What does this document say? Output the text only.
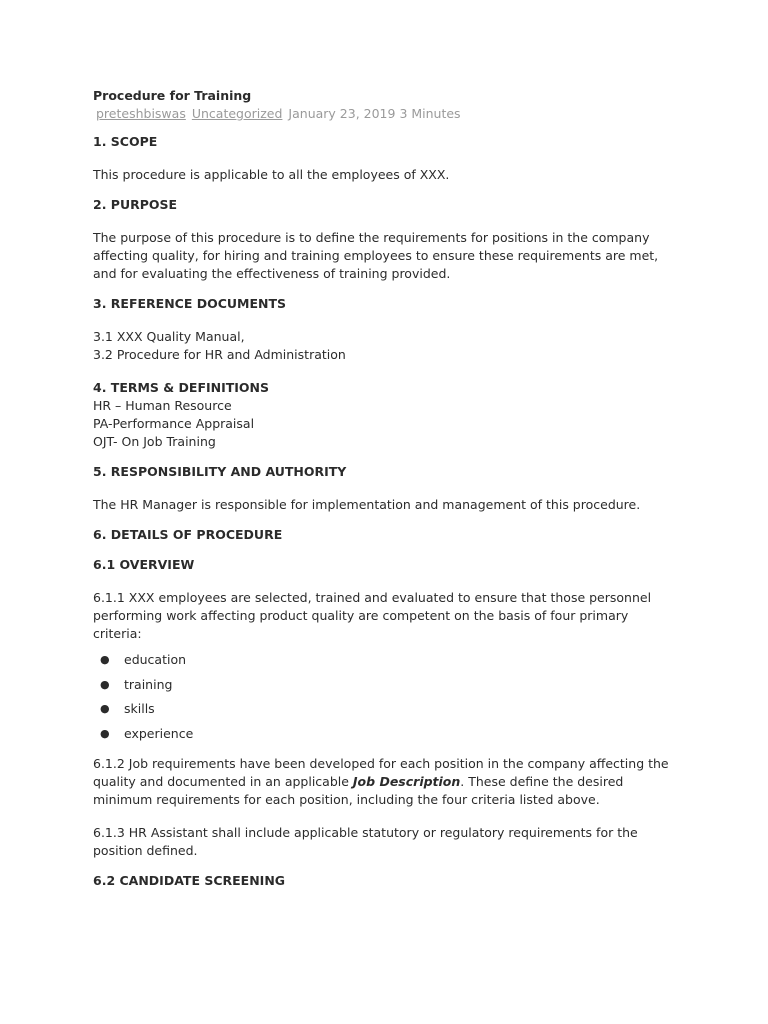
Procedure for Training

preteshbiswas Uncategorized January 23, 2019 3 Minutes

1. SCOPE

This procedure is applicable to all the employees of XXX.

2. PURPOSE

The purpose of this procedure is to define the requirements for positions in the company

affecting quality, for hiring and training employees to ensure these requirements are met,

and for evaluating the effectiveness of training provided.

3. REFERENCE DOCUMENTS

3.1 XXX Quality Manual,

3.2 Procedure for HR and Administration

4. TERMS & DEFINITIONS

HR – Human Resource

PA-Performance Appraisal

OJT- On Job Training

5. RESPONSIBILITY AND AUTHORITY

The HR Manager is responsible for implementation and management of this procedure.

6. DETAILS OF PROCEDURE
6.1 OVERVIEW

6.1.1 XXX employees are selected, trained and evaluated to ensure that those personnel

performing work affecting product quality are competent on the basis of four primary

criteria:

● education
● training
● skills
● experience

6.1.2 Job requirements have been developed for each position in the company affecting the

quality and documented in an applicable Job Description. These define the desired

minimum requirements for each position, including the four criteria listed above.

6.1.3 HR Assistant shall include applicable statutory or regulatory requirements for the

position defined.

6.2 CANDIDATE SCREENING
